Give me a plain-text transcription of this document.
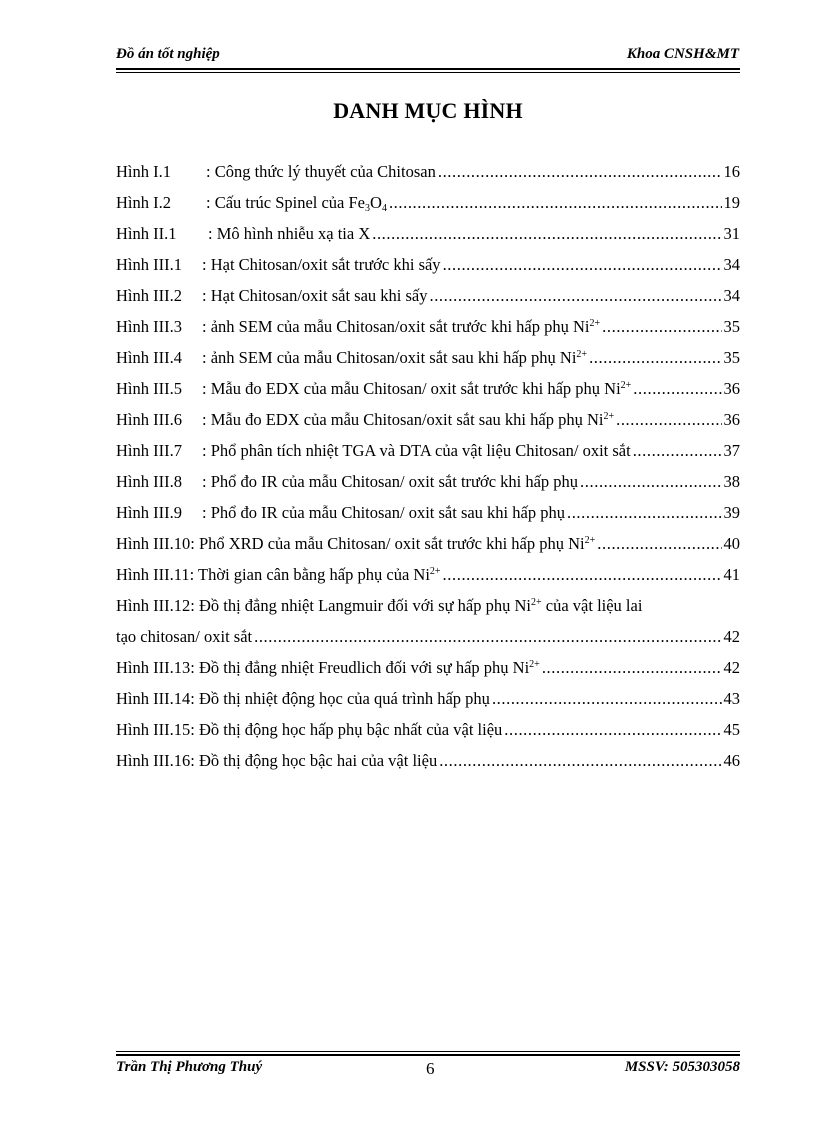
Đồ án tốt nghiệp	Khoa CNSH&MT
DANH MỤC HÌNH
Hình I.1	: Công thức lý thuyết của Chitosan .....	16
Hình I.2	: Cấu trúc Spinel của $Fe_3O_4$ .....	19
Hình II.1	: Mô hình nhiễu xạ tia X .....	31
Hình III.1	: Hạt Chitosan/oxit sắt trước khi sấy .....	34
Hình III.2	: Hạt Chitosan/oxit sắt sau khi sấy .....	34
Hình III.3	: ảnh SEM của mẫu Chitosan/oxit sắt trước khi hấp phụ $Ni^{2+}$ .....	35
Hình III.4	: ảnh SEM của mẫu Chitosan/oxit sắt sau khi hấp phụ $Ni^{2+}$ .....	35
Hình III.5	: Mẫu đo EDX của mẫu Chitosan/ oxit sắt trước khi hấp phụ $Ni^{2+}$ .....	36
Hình III.6	: Mẫu đo EDX của mẫu Chitosan/oxit sắt sau khi hấp phụ $Ni^{2+}$ .....	36
Hình III.7	: Phổ phân tích nhiệt TGA và DTA của vật liệu Chitosan/ oxit sắt .....	37
Hình III.8	: Phổ đo IR của mẫu Chitosan/ oxit sắt trước khi hấp phụ .....	38
Hình III.9	: Phổ đo IR của mẫu Chitosan/ oxit sắt sau khi hấp phụ .....	39
Hình III.10 : Phổ XRD của mẫu Chitosan/ oxit sắt trước khi hấp phụ $Ni^{2+}$ .....	40
Hình III.11 : Thời gian cân bằng hấp phụ của $Ni^{2+}$ .....	41
Hình III.12 : Đồ thị đẳng nhiệt Langmuir đối với sự hấp phụ $Ni^{2+}$ của vật liệu lai
tạo chitosan/ oxit sắt .....	42
Hình III.13 : Đồ thị đẳng nhiệt Freudlich đối với sự hấp phụ $Ni^{2+}$ .....	42
Hình III.14 : Đồ thị nhiệt động học của quá trình hấp phụ .....	43
Hình III.15 : Đồ thị động học hấp phụ bậc nhất của vật liệu .....	45
Hình III.16 : Đồ thị động học bậc hai của vật liệu .....	46
Trần Thị Phương Thuý	6	MSSV: 505303058
